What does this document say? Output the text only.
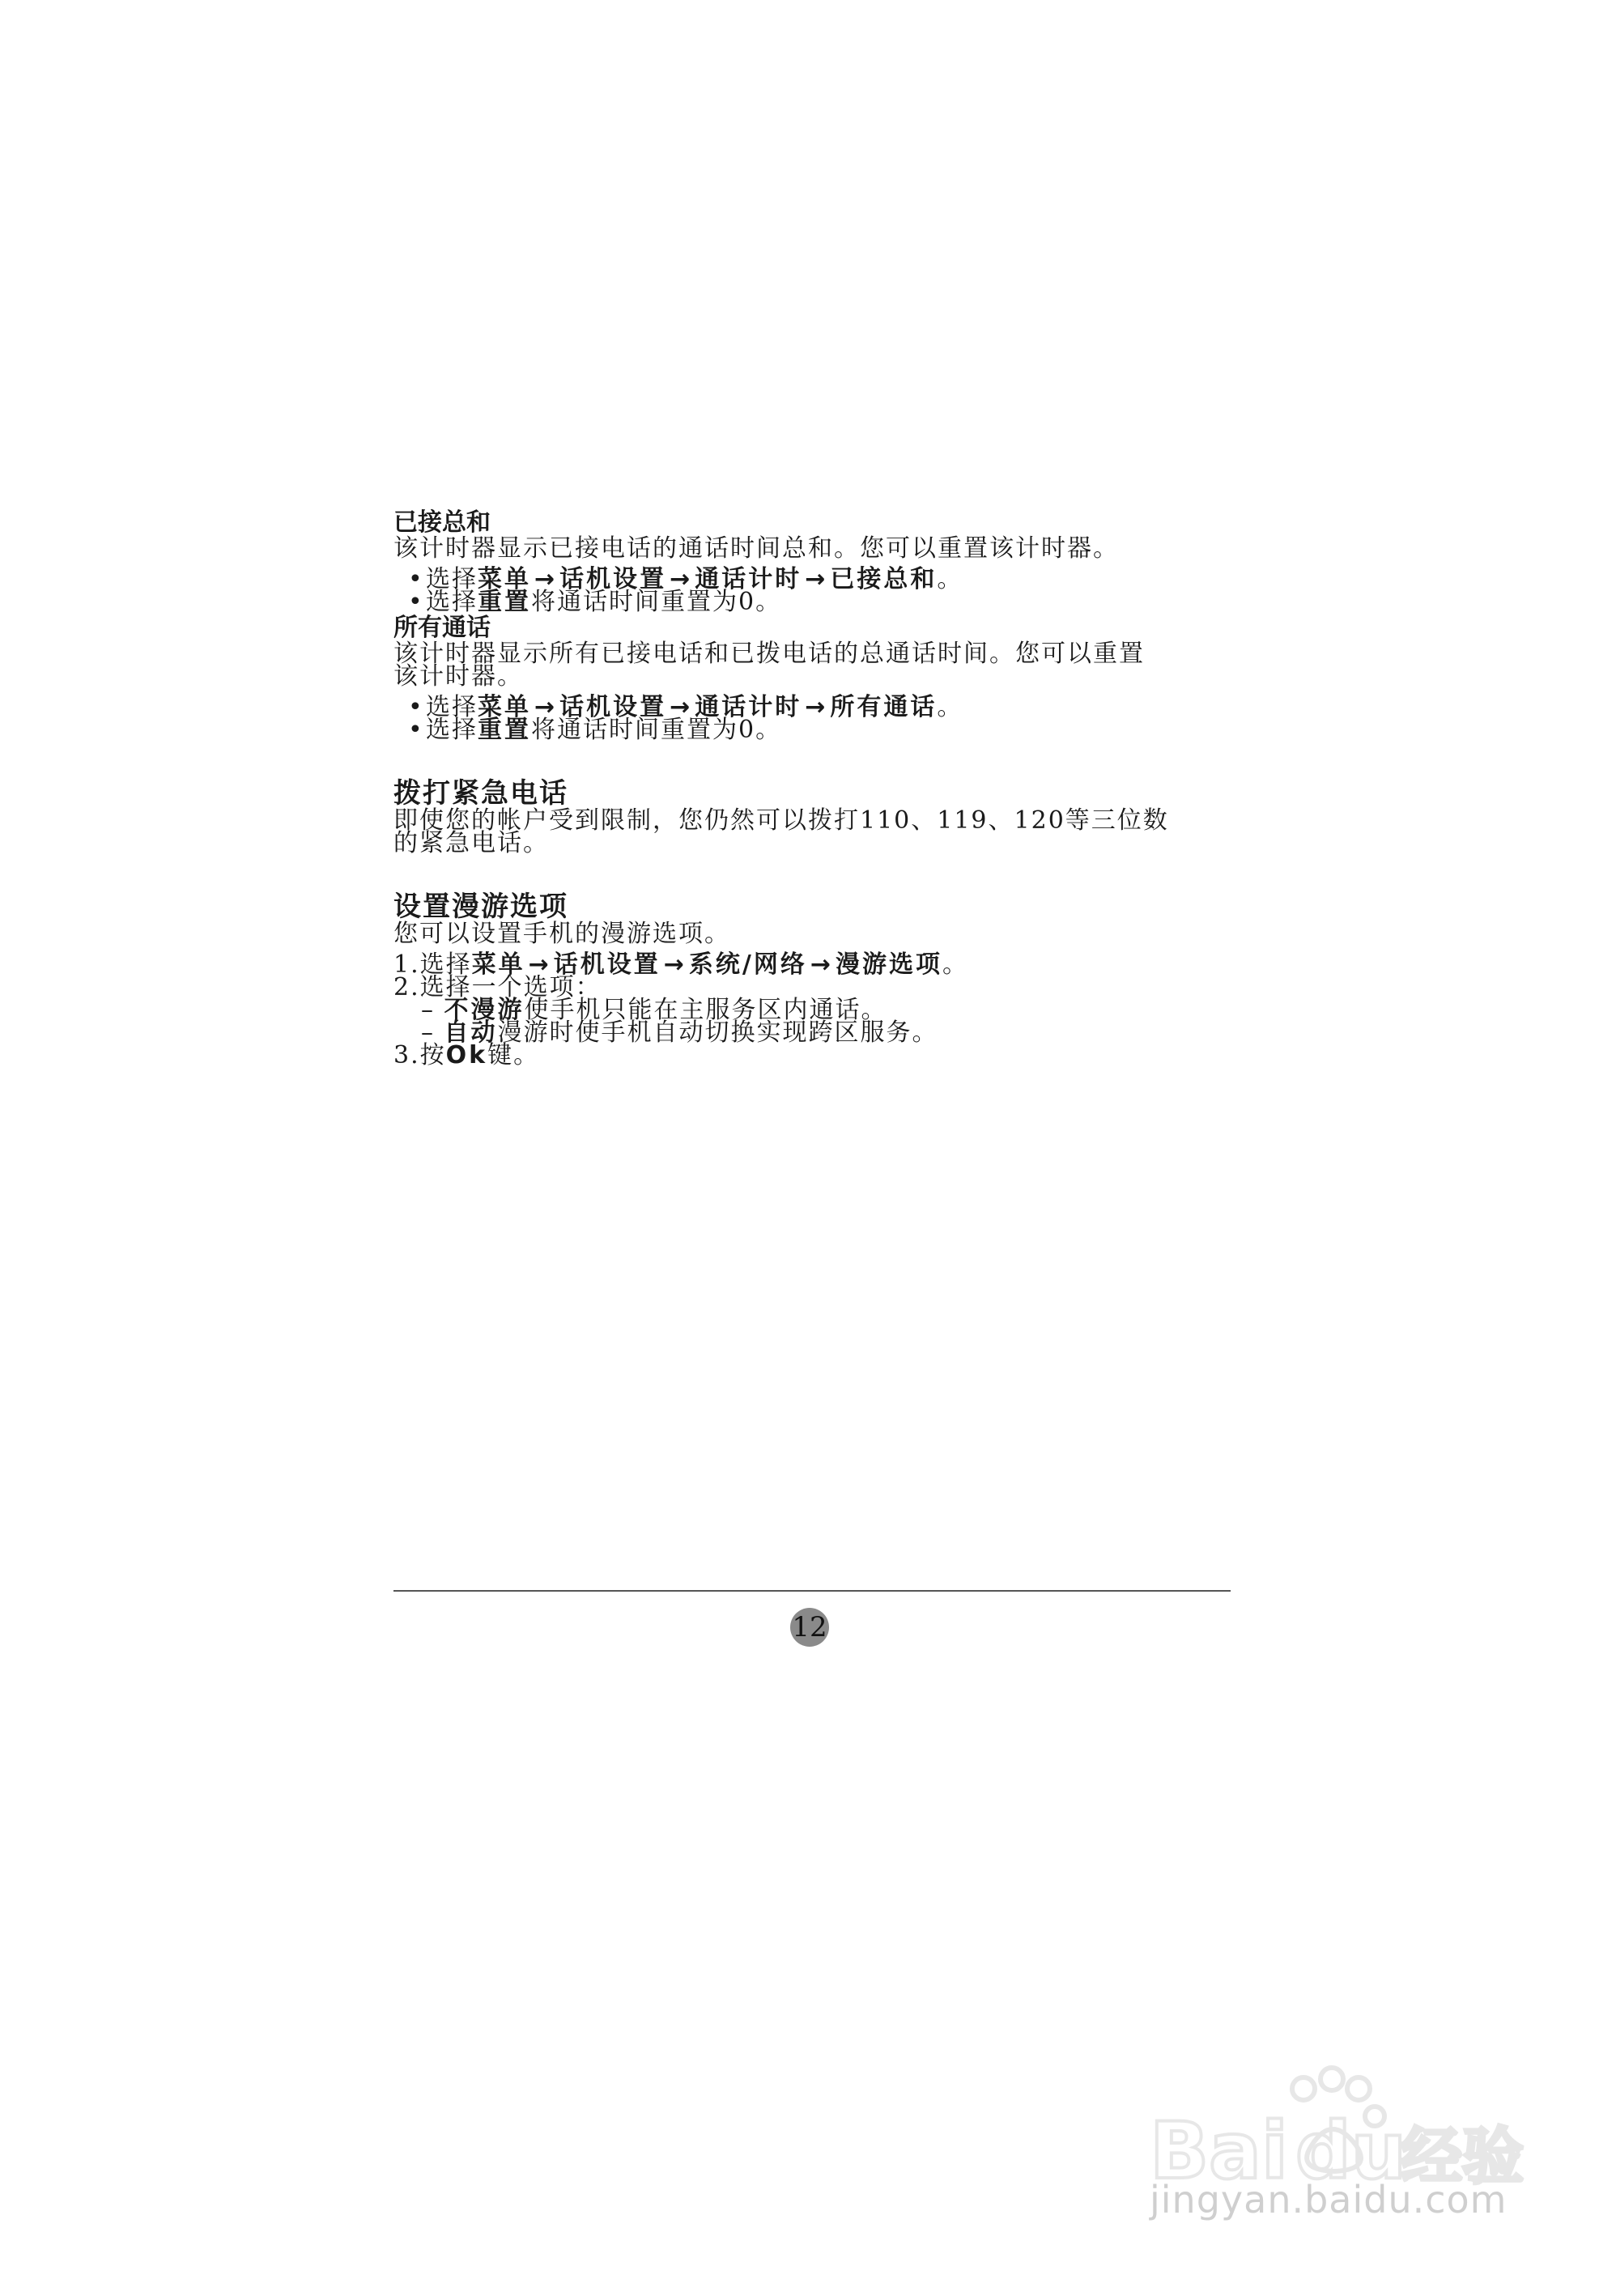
已接总和
该计时器显示已接电话的通话时间总和。您可以重置该计时器。
•选择菜单 → 话机设置 → 通话计时 → 已接总和。
•选择重置将通话时间重置为0。
所有通话
该计时器显示所有已接电话和已拨电话的总通话时间。您可以重置
该计时器。
•选择菜单 → 话机设置 → 通话计时 → 所有通话。
•选择重置将通话时间重置为0。
拨打紧急电话
即使您的帐户受到限制，您仍然可以拨打110、119、120等三位数
的紧急电话。
设置漫游选项
您可以设置手机的漫游选项。
1.选择菜单 → 话机设置 → 系统/网络 → 漫游选项。
2.选择一个选项：
– 不漫游使手机只能在主服务区内通话。
– 自动漫游时使手机自动切换实现跨区服务。
3.按Ok键。
12
Bai du
经验
jingyan.baidu.com
